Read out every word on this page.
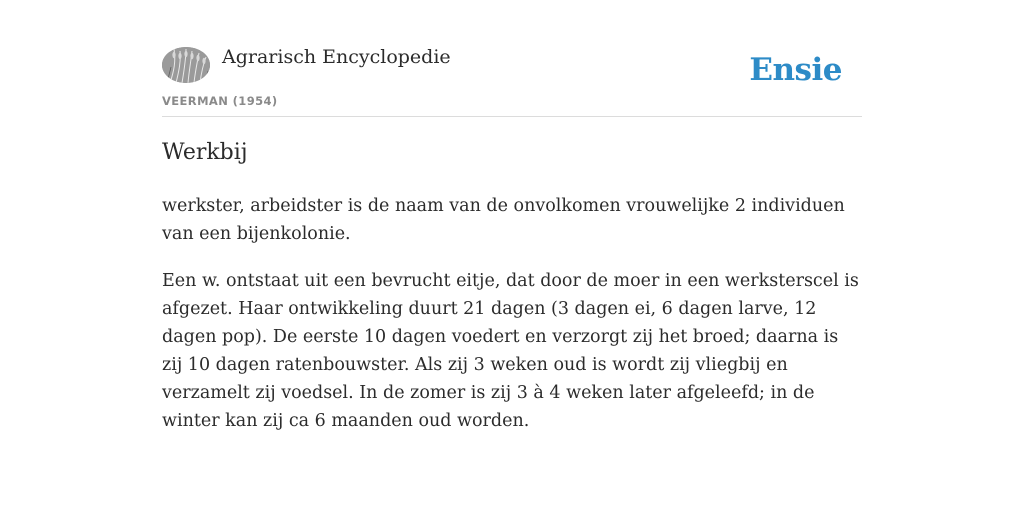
Agrarisch Encyclopedie
VEERMAN (1954)
Ensie
Werkbij

werkster, arbeidster is de naam van de onvolkomen vrouwelijke 2 individuen van een bijenkolonie.

Een w. ontstaat uit een bevrucht eitje, dat door de moer in een werksterscel is afgezet. Haar ontwikkeling duurt 21 dagen (3 dagen ei, 6 dagen larve, 12 dagen pop). De eerste 10 dagen voedert en verzorgt zij het broed; daarna is zij 10 dagen ratenbouwster. Als zij 3 weken oud is wordt zij vliegbij en verzamelt zij voedsel. In de zomer is zij 3 à 4 weken later afgeleefd; in de winter kan zij ca 6 maanden oud worden.
